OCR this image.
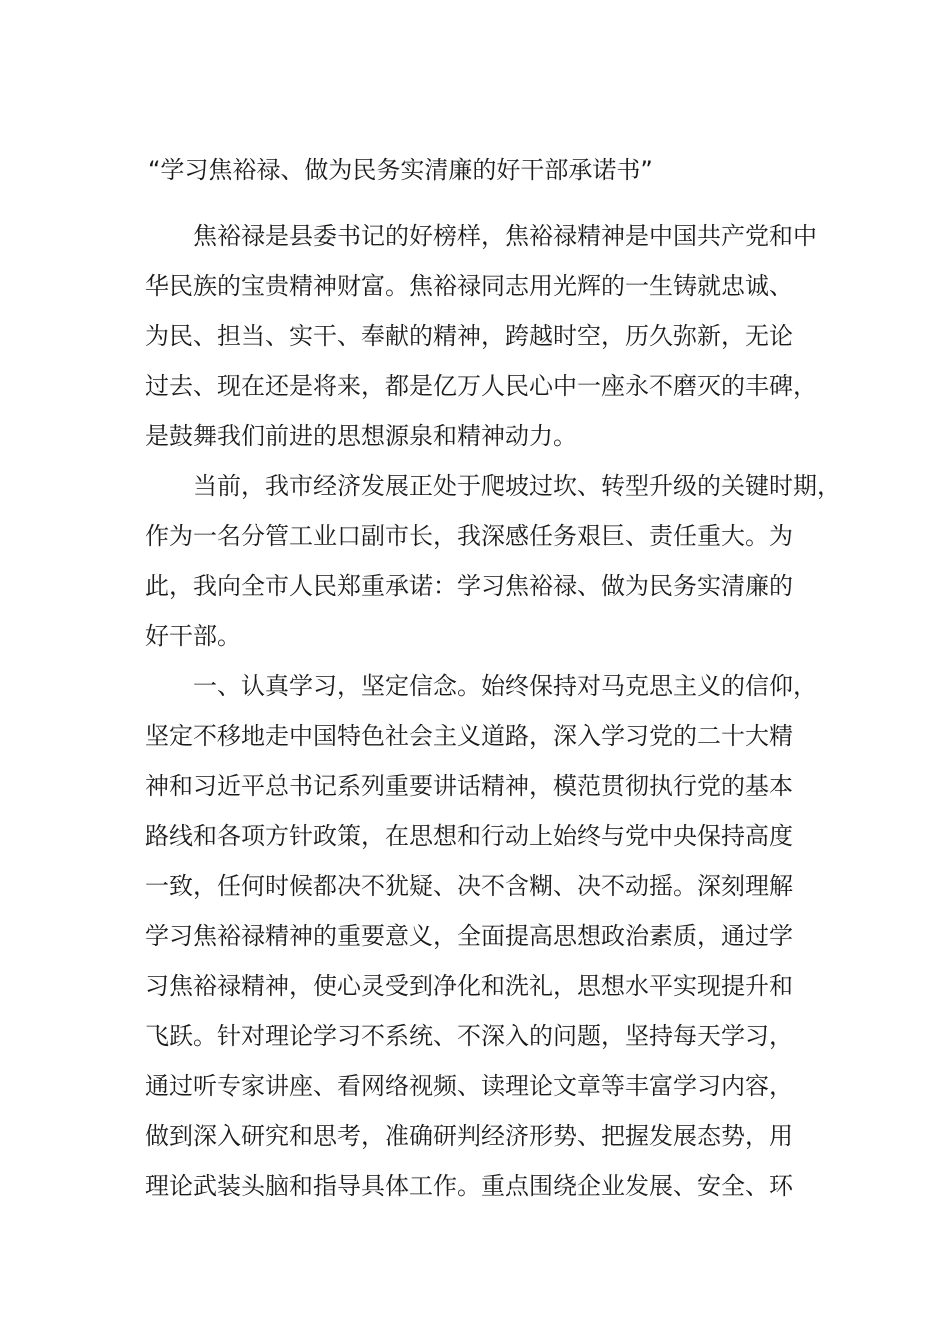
“学习焦裕禄、做为民务实清廉的好干部承诺书”
　　焦裕禄是县委书记的好榜样，焦裕禄精神是中国共产党和中
华民族的宝贵精神财富。焦裕禄同志用光辉的一生铸就忠诚、
为民、担当、实干、奉献的精神，跨越时空，历久弥新，无论
过去、现在还是将来，都是亿万人民心中一座永不磨灭的丰碑，
是鼓舞我们前进的思想源泉和精神动力。
　　当前，我市经济发展正处于爬坡过坎、转型升级的关键时期，
作为一名分管工业口副市长，我深感任务艰巨、责任重大。为
此，我向全市人民郑重承诺：学习焦裕禄、做为民务实清廉的
好干部。
　　一、认真学习，坚定信念。始终保持对马克思主义的信仰，
坚定不移地走中国特色社会主义道路，深入学习党的二十大精
神和习近平总书记系列重要讲话精神，模范贯彻执行党的基本
路线和各项方针政策，在思想和行动上始终与党中央保持高度
一致，任何时候都决不犹疑、决不含糊、决不动摇。深刻理解
学习焦裕禄精神的重要意义，全面提高思想政治素质，通过学
习焦裕禄精神，使心灵受到净化和洗礼，思想水平实现提升和
飞跃。针对理论学习不系统、不深入的问题，坚持每天学习，
通过听专家讲座、看网络视频、读理论文章等丰富学习内容，
做到深入研究和思考，准确研判经济形势、把握发展态势，用
理论武装头脑和指导具体工作。重点围绕企业发展、安全、环
